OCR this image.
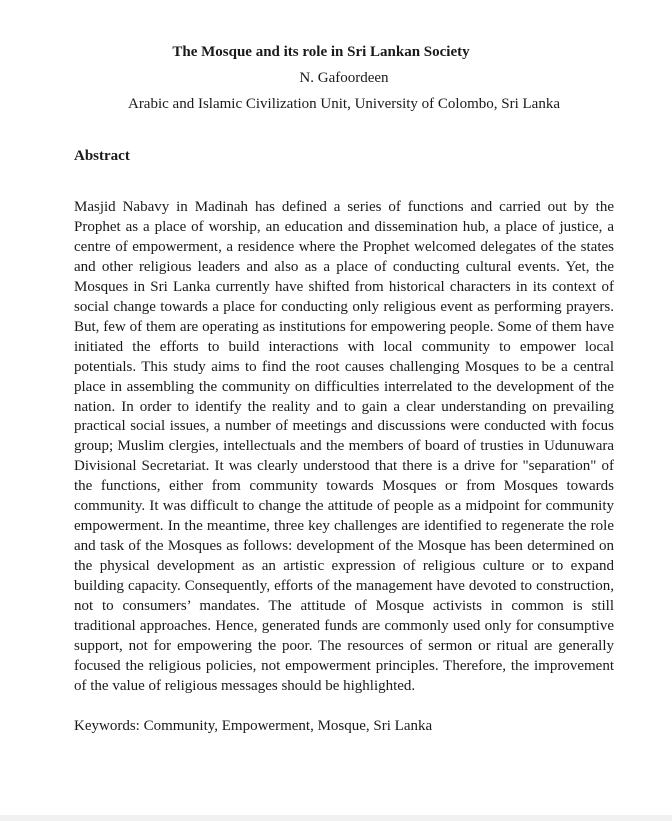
The Mosque and its role in Sri Lankan Society

N. Gafoordeen

Arabic and Islamic Civilization Unit, University of Colombo, Sri Lanka

Abstract

Masjid Nabavy in Madinah has defined a series of functions and carried out by the Prophet as a place of worship, an education and dissemination hub, a place of justice, a centre of empowerment, a residence where the Prophet welcomed delegates of the states and other religious leaders and also as a place of conducting cultural events. Yet, the Mosques in Sri Lanka currently have shifted from historical characters in its context of social change towards a place for conducting only religious event as performing prayers. But, few of them are operating as institutions for empowering people. Some of them have initiated the efforts to build interactions with local community to empower local potentials. This study aims to find the root causes challenging Mosques to be a central place in assembling the community on difficulties interrelated to the development of the nation. In order to identify the reality and to gain a clear understanding on prevailing practical social issues, a number of meetings and discussions were conducted with focus group; Muslim clergies, intellectuals and the members of board of trusties in Udunuwara Divisional Secretariat. It was clearly understood that there is a drive for "separation" of the functions, either from community towards Mosques or from Mosques towards community. It was difficult to change the attitude of people as a midpoint for community empowerment. In the meantime, three key challenges are identified to regenerate the role and task of the Mosques as follows: development of the Mosque has been determined on the physical development as an artistic expression of religious culture or to expand building capacity. Consequently, efforts of the management have devoted to construction, not to consumers’ mandates. The attitude of Mosque activists in common is still traditional approaches. Hence, generated funds are commonly used only for consumptive support, not for empowering the poor. The resources of sermon or ritual are generally focused the religious policies, not empowerment principles. Therefore, the improvement of the value of religious messages should be highlighted.

Keywords: Community, Empowerment, Mosque, Sri Lanka
